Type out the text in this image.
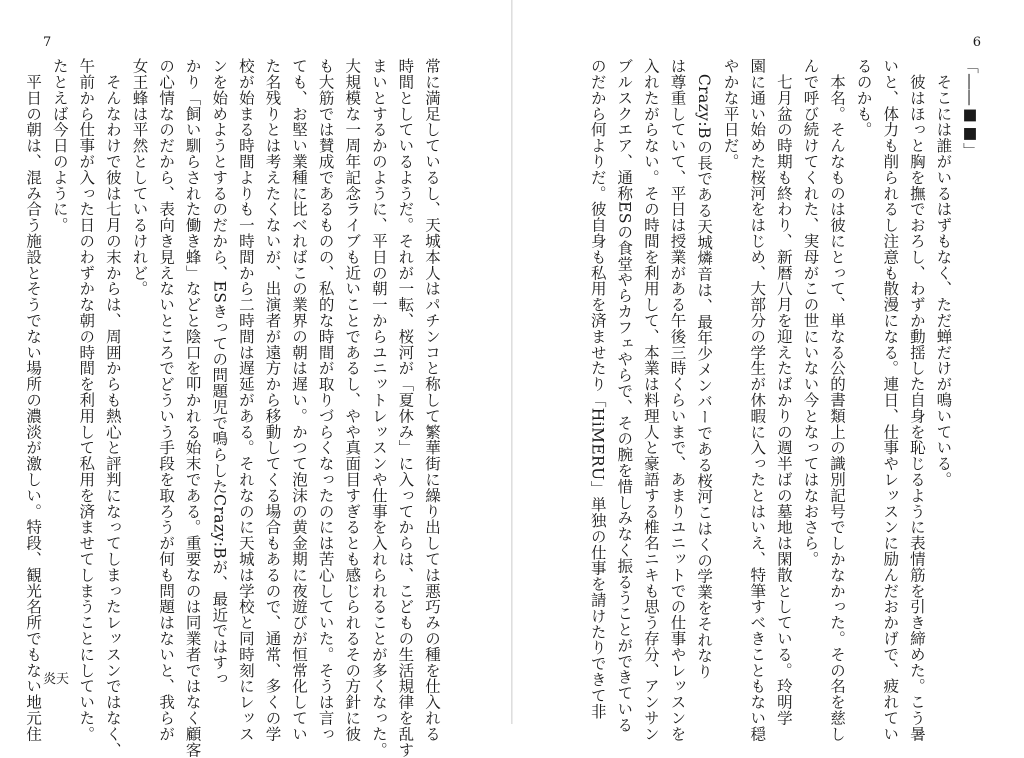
7
常に満足しているし、天城本人はパチンコと称して繁華街に繰り出しては悪巧みの種を仕入れる
時間としているようだ。それが一転、桜河が「夏休み」に入ってからは、こどもの生活規律を乱す
まいとするかのように、平日の朝一からユニットレッスンや仕事を入れられることが多くなった。
大規模な一周年記念ライブも近いことであるし、やや真面目すぎるとも感じられるその方針に彼
も大筋では賛成であるものの、私的な時間が取りづらくなったのには苦心していた。そうは言っ
ても、お堅い業種に比べればこの業界の朝は遅い。かつて泡沫の黄金期に夜遊びが恒常化してい
た名残りとは考えたくないが、出演者が遠方から移動してくる場合もあるので、通常、多くの学
校が始まる時間よりも一時間から二時間は遅延がある。それなのに天城は学校と同時刻にレッス
ンを始めようとするのだから、ESきっての問題児で鳴らしたCrazy:Bが、最近ではすっ
かり「飼い馴らされた働き蜂」などと陰口を叩かれる始末である。重要なのは同業者ではなく顧客
の心情なのだから、表向き見えないところでどういう手段を取ろうが何も問題はないと、我らが
女王蜂は平然としているけれど。
　そんなわけで彼は七月の末からは、周囲からも熱心と評判になってしまったレッスンではなく、
午前から仕事が入った日のわずかな朝の時間を利用して私用を済ませてしまうことにしていた。
たとえば今日のように。
　平日の朝は、混み合う施設とそうでない場所の濃淡が激しい。特段、観光名所でもない地元住 炎天
6
「――■■」
　そこには誰がいるはずもなく、ただ蝉だけが鳴いている。
　彼はほっと胸を撫でおろし、わずか動揺した自身を恥じるように表情筋を引き締めた。こう暑
いと、体力も削られるし注意も散漫になる。連日、仕事やレッスンに励んだおかげで、疲れてい
るのかも。
　本名。そんなものは彼にとって、単なる公的書類上の識別記号でしかなかった。その名を慈し
んで呼び続けてくれた、実母がこの世にいない今となってはなおさら。
　七月盆の時期も終わり、新暦八月を迎えたばかりの週半ばの墓地は閑散としている。玲明学
園に通い始めた桜河をはじめ、大部分の学生が休暇に入ったとはいえ、特筆すべきこともない穏
やかな平日だ。
　Crazy:Bの長である天城燐音は、最年少メンバーである桜河こはくの学業をそれなり
は尊重していて、平日は授業がある午後三時くらいまで、あまりユニットでの仕事やレッスンを
入れたがらない。その時間を利用して、本業は料理人と豪語する椎名ニキも思う存分、アンサン
ブルスクエア、通称ESの食堂やらカフェやらで、その腕を惜しみなく振るうことができている
のだから何よりだ。彼自身も私用を済ませたり「HiMERU」単独の仕事を請けたりできて非
